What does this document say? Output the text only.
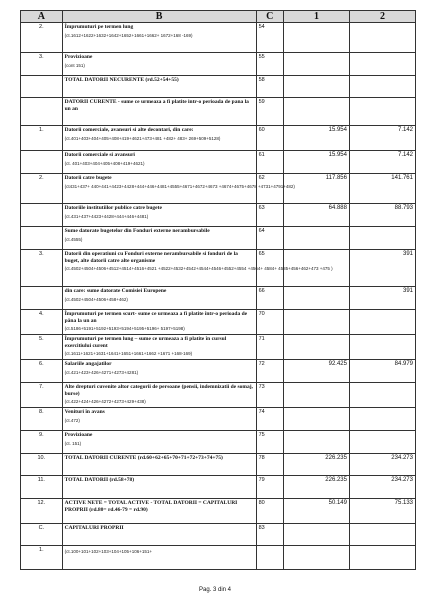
A	B	C	1	2
2.	Împrumuturi pe termen lung
(ct.1612+1622+1632+1642+1652+1661+1662+ 1672+168 -169)	54		
3.	Provizioane
(cont 151)	55		

	TOTAL DATORII NECURENTE (rd.52+54+55)	58		

	DATORII CURENTE - sume ce urmeaza a fi platite intr-o perioada de pana la un an	59		
1.	Datorii comerciale, avansuri si alte decontari, din care:
(ct.401+403+404+405+408+419+4621+473+481 +482+ 483+ 269+509+5128)	60	15.954	7.142

	Datorii comerciale si avansuri
(ct. 401+403+404+405+408+419+4621)	61	15.954	7.142
2.	Datorii catre bugete
(ct431+437+ 440+441+4423+4428+444+446+4481+4555+4671+4672+4673 +4674+4675+4678 +4731+4791+482)	62	117.856	141.761

	Datoriile institutiilor publice catre bugete
(ct.431+437+4423+4428+444+446+4481)	63	64.888	88.793

	Sume datorate bugetelor din Fonduri externe nerambursabile
(ct.4555)	64		
3.	Datorii din operatiuni cu Fonduri externe nerambursabile si fonduri de la buget, alte datorii catre alte organisme
(ct.4502+4504+4506+4512+4514+4516+4521 +4522+4532+4542+4544+4546+4552+4554 +4564+ 4584+ 4585+456+462+473 +475 )	65		391

	din care: sume datorate Comisiei Europene
(ct.4502+4504+4506+458+462)	66		391
4.	Împrumuturi pe termen scurt- sume ce urmeaza a fi platite într-o perioada de pâna la un an
(ct.5186+5191+5192+5193+5194+5195+5196+ 5197+5198)	70		
5.	Împrumuturi pe termen lung – sume ce urmeaza a fi platite în cursul exercitiului curent
(ct.1611+1621+1631+1641+1651+1661+1662 +1671 +168-169)	71		
6.	Salariile angajatilor
(ct.421+423+426+4271+4273+4281)	72	92.425	84.979
7.	Alte drepturi cuvenite altor categorii de persoane (pensii, indemnizatii de somaj, burse)
(ct.422+424+426+4272+4273+429+438)	73		
8.	Venituri în avans
(ct.472)	74		
9.	Provizioane
(ct. 151)	75		
10.	TOTAL DATORII CURENTE (rd.60+62+65+70+71+72+73+74+75)	78	226.235	234.273
11.	TOTAL DATORII (rd.58+78)	79	226.235	234.273
12.	ACTIVE NETE = TOTAL ACTIVE - TOTAL DATORII = CAPITALURI PROPRII (rd.80= rd.46-79 = rd.90)	80	50.149	75.133
C.	CAPITALURI PROPRII	83		
1.	(ct.100+101+102+103+104+105+106+151+			

Pag. 3 din 4
